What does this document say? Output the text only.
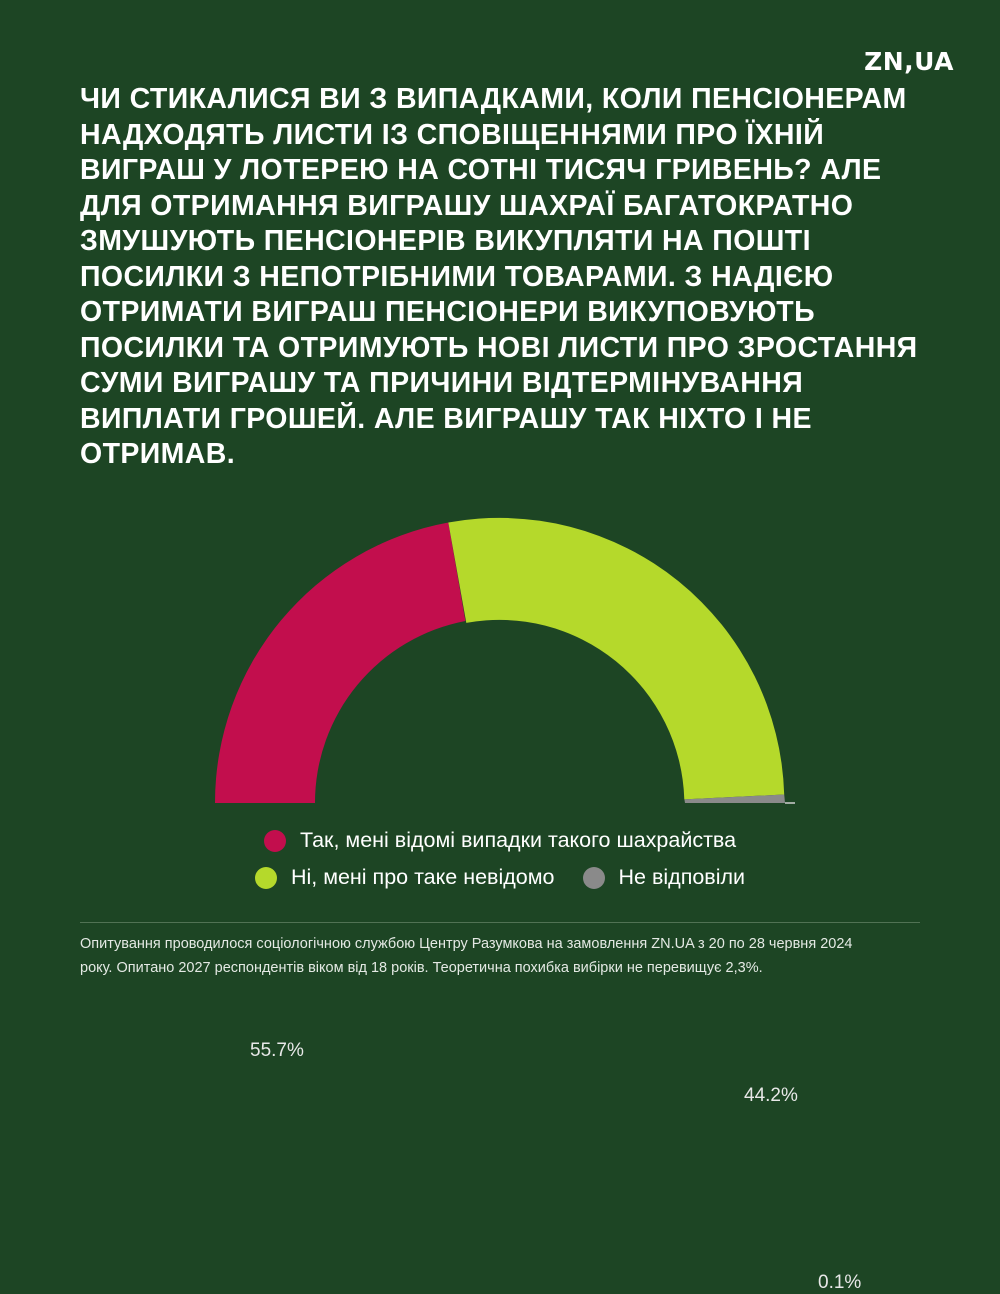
ZN,UA
ЧИ СТИКАЛИСЯ ВИ З ВИПАДКАМИ, КОЛИ ПЕНСІОНЕРАМ НАДХОДЯТЬ ЛИСТИ ІЗ СПОВІЩЕННЯМИ ПРО ЇХНІЙ ВИГРАШ У ЛОТЕРЕЮ НА СОТНІ ТИСЯЧ ГРИВЕНЬ? АЛЕ ДЛЯ ОТРИМАННЯ ВИГРАШУ ШАХРАЇ БАГАТОКРАТНО ЗМУШУЮТЬ ПЕНСІОНЕРІВ ВИКУПЛЯТИ НА ПОШТІ ПОСИЛКИ З НЕПОТРІБНИМИ ТОВАРАМИ. З НАДІЄЮ ОТРИМАТИ ВИГРАШ ПЕНСІОНЕРИ ВИКУПОВУЮТЬ ПОСИЛКИ ТА ОТРИМУЮТЬ НОВІ ЛИСТИ ПРО ЗРОСТАННЯ СУМИ ВИГРАШУ ТА ПРИЧИНИ ВІДТЕРМІНУВАННЯ ВИПЛАТИ ГРОШЕЙ. АЛЕ ВИГРАШУ ТАК НІХТО І НЕ ОТРИМАВ.
55.7%
44.2%
0.1%
Так, мені відомі випадки такого шахрайства
Ні, мені про таке невідомо	Не відповіли
Опитування проводилося соціологічною службою Центру Разумкова на замовлення ZN.UA з 20 по 28 червня 2024 року. Опитано 2027 респондентів віком від 18 років. Теоретична похибка вибірки не перевищує 2,3%.
